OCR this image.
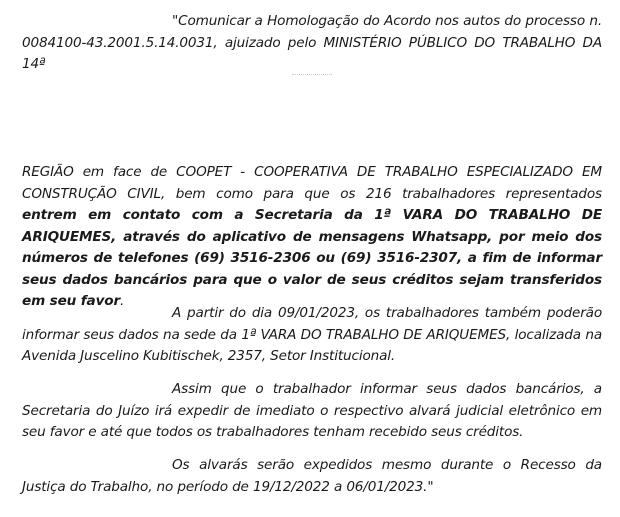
"Comunicar a Homologação do Acordo nos autos do processo n. 0084100-43.2001.5.14.0031, ajuizado pelo MINISTÉRIO PÚBLICO DO TRABALHO DA 14ª

REGIÃO em face de COOPET - COOPERATIVA DE TRABALHO ESPECIALIZADO EM CONSTRUÇÃO CIVIL, bem como para que os 216 trabalhadores representados entrem em contato com a Secretaria da 1ª VARA DO TRABALHO DE ARIQUEMES, através do aplicativo de mensagens Whatsapp, por meio dos números de telefones (69) 3516-2306 ou (69) 3516-2307, a fim de informar seus dados bancários para que o valor de seus créditos sejam transferidos em seu favor.

A partir do dia 09/01/2023, os trabalhadores também poderão informar seus dados na sede da 1ª VARA DO TRABALHO DE ARIQUEMES, localizada na Avenida Juscelino Kubitischek, 2357, Setor Institucional.

Assim que o trabalhador informar seus dados bancários, a Secretaria do Juízo irá expedir de imediato o respectivo alvará judicial eletrônico em seu favor e até que todos os trabalhadores tenham recebido seus créditos.

Os alvarás serão expedidos mesmo durante o Recesso da Justiça do Trabalho, no período de 19/12/2022 a 06/01/2023."
